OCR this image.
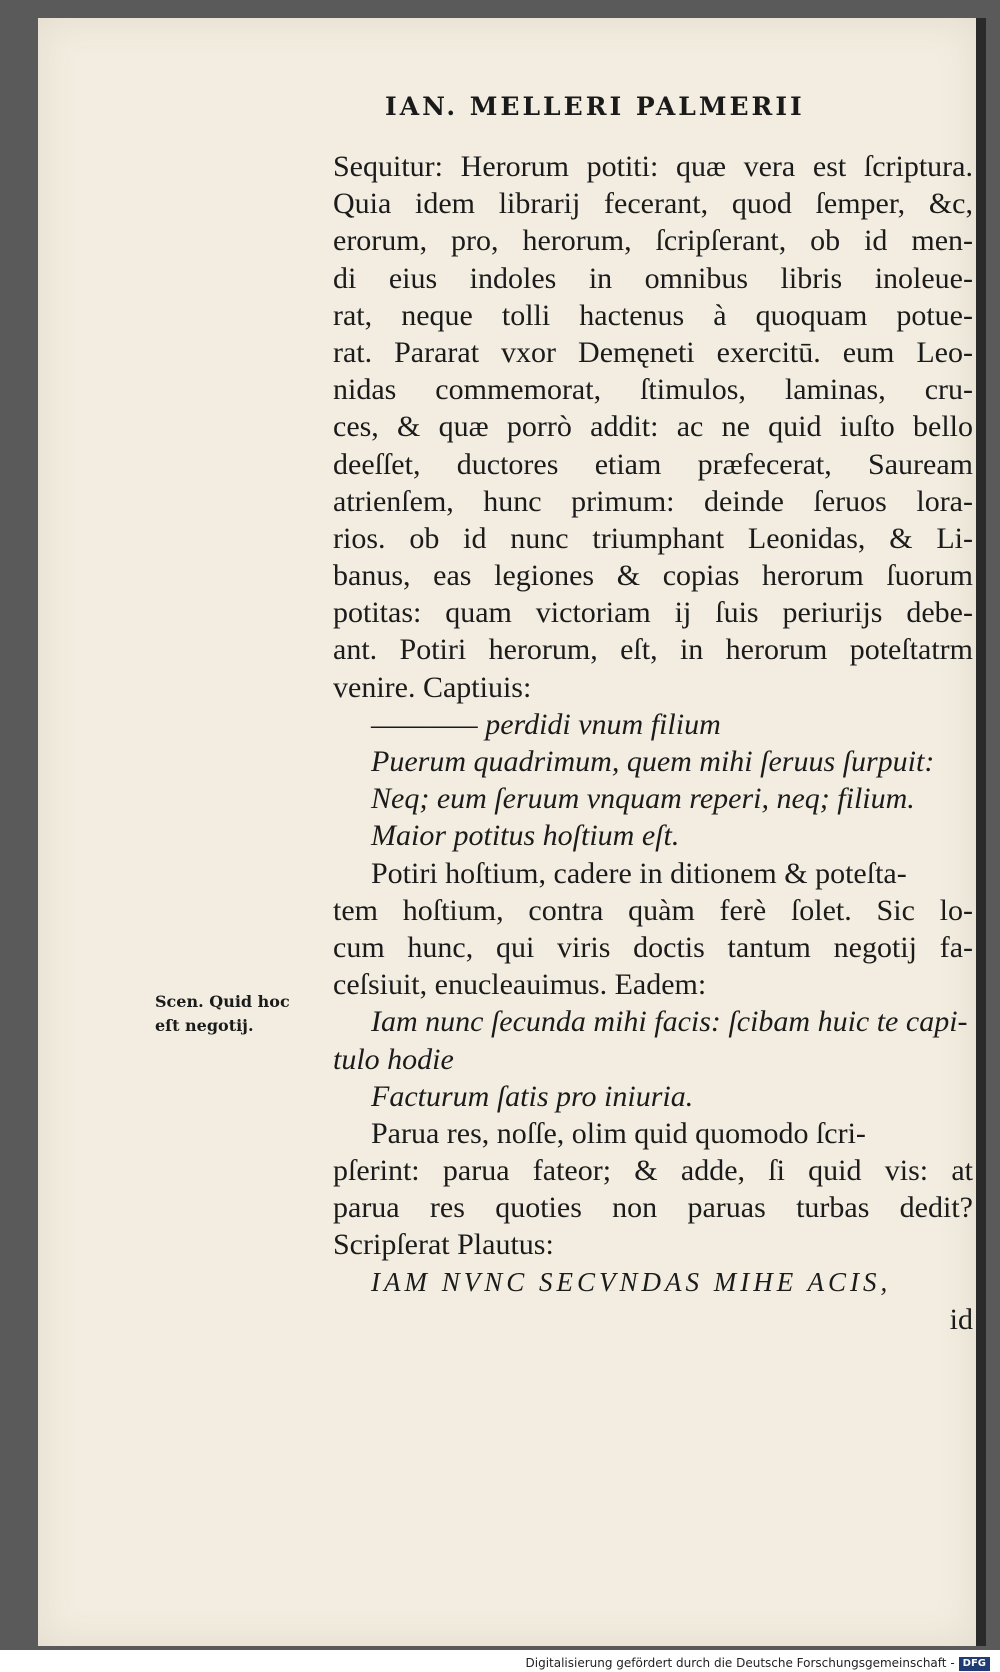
IAN. MELLERI PALMERII
Sequitur: Herorum potiti: quæ vera est ſcriptura.
Quia idem librarij fecerant, quod ſemper, &c,
erorum, pro, herorum, ſcripſerant, ob id men-
di eius indoles in omnibus libris inoleue-
rat, neque tolli hactenus à quoquam potue-
rat. Pararat vxor Demęneti exercitū. eum Leo-
nidas commemorat, ſtimulos, laminas, cru-
ces, & quæ porrò addit: ac ne quid iuſto bello
deeſſet, ductores etiam præfecerat, Sauream
atrienſem, hunc primum: deinde ſeruos lora-
rios. ob id nunc triumphant Leonidas, & Li-
banus, eas legiones & copias herorum ſuorum
potitas: quam victoriam ij ſuis periurijs debe-
ant. Potiri herorum, eſt, in herorum poteſtatrm
venire. Captiuis:
———— perdidi vnum filium
Puerum quadrimum, quem mihi ſeruus ſurpuit:
Neq; eum ſeruum vnquam reperi, neq; filium.
Maior potitus hoſtium eſt.
Potiri hoſtium, cadere in ditionem & poteſta-
tem hoſtium, contra quàm ferè ſolet. Sic lo-
cum hunc, qui viris doctis tantum negotij fa-
ceſsiuit, enucleauimus. Eadem:
Iam nunc ſecunda mihi facis: ſcibam huic te capi-
tulo hodie
Facturum ſatis pro iniuria.
Parua res, noſſe, olim quid quomodo ſcri-
pſerint: parua fateor; & adde, ſi quid vis: at
parua res quoties non paruas turbas dedit?
Scripſerat Plautus:
IAM NVNC SECVNDAS MIHE ACIS,
id
Scen. Quid hoc
eſt negotij.
Digitalisierung gefördert durch die Deutsche Forschungsgemeinschaft - DFG
